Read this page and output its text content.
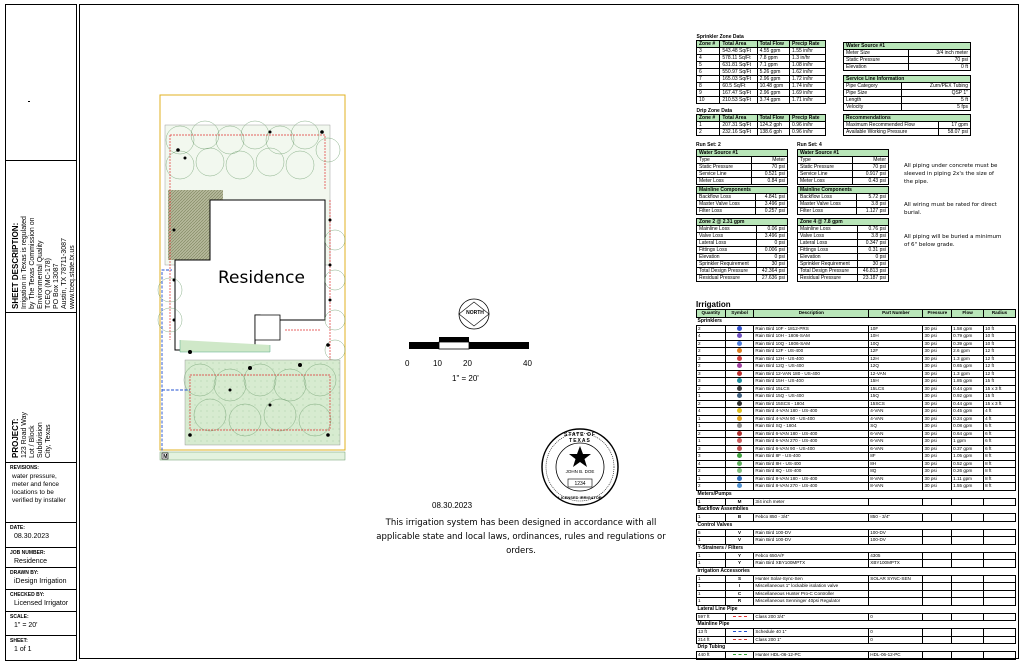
SHEET DESCRIPTION:
Irrigation in Texas is regulated
by The Texas Commission on
Environmental Quality
TCEQ (MC-178)
PO Box 13087
Austin, TX 78711-3087
www.tceq.state.tx.us
PROJECT:
123 Road Way
Lot / Block
Subdivision
City, Texas
REVISIONS:
water pressure, meter and fence locations to be verified by installer
DATE:
08.30.2023
JOB NUMBER:
Residence
DRAWN BY:
iDesign Irrigation
CHECKED BY:
Licensed Irrigator
SCALE:
1" = 20'
SHEET:
1 of 1
M
Residence
NORTH
0	10	20	40
1" = 20'
STATE OF TEXAS
JOHN B. DOE
1234
LICENSED IRRIGATOR
08.30.2023
This irrigation system has been designed in accordance with all
applicable state and local laws, ordinances, rules and regulations or orders.
Sprinkler Zone Data			
Zone #	Total Area	Total Flow	Precip Rate
3	543.48 Sq/Ft	4.55 gpm	1.55 in/hr
4	578.11 Sq/Ft	7.8 gpm	1.3 in/hr
5	631.81 Sq/Ft	7.1 gpm	1.08 in/hr
6	550.97 Sq/Ft	5.26 gpm	1.62 in/hr
7	165.03 Sq/Ft	2.96 gpm	1.72 in/hr
8	60.5 Sq/Ft	10.48 gpm	1.74 in/hr
9	167.47 Sq/Ft	2.96 gpm	1.69 in/hr
10	210.53 Sq/Ft	3.74 gpm	1.71 in/hr
Drip Zone Data			
Zone #	Total Area	Total Flow	Precip Rate
1	207.31 Sq/Ft	124.2 gph	0.96 in/hr
2	232.16 Sq/Ft	138.6 gph	0.96 in/hr
Water Source #1	
Meter Size	3/4 inch meter
Static Pressure	70 psi
Elevation	0 ft
Service Line Information	
Pipe Category	Zurn/PEX Tubing
Pipe Size	QSP 1"
Length	5 ft
Velocity	5 fps
Recommendations	
Maximum Recommended Flow	17 gpm
Available Working Pressure	58.07 psi
Run Set: 2
Water Source #1	
Type	Meter
Static Pressure	70 psi
Service Line	0.521 psi
Meter Loss	0.84 psi
Mainline Components	
Backflow Loss	4.841 psi
Master Valve Loss	3.496 psi
Filter Loss	0.257 psi
Zone 2 @ 2.31 gpm	
Mainline Loss	0.06 psi
Valve Loss	3.496 psi
Lateral Loss	0 psi
Fittings Loss	0.006 psi
Elevation	0 psi
Sprinkler Requirement	30 psi
Total Design Pressure	42.364 psi
Residual Pressure	27.636 psi
Run Set: 4
Water Source #1	
Type	Meter
Static Pressure	70 psi
Service Line	0.917 psi
Meter Loss	0.43 psi
Mainline Components	
Backflow Loss	5.72 psi
Master Valve Loss	3.8 psi
Filter Loss	1.127 psi
Zone 4 @ 7.8 gpm	
Mainline Loss	0.76 psi
Valve Loss	3.8 psi
Lateral Loss	0.347 psi
Fittings Loss	0.31 psi
Elevation	0 psi
Sprinkler Requirement	30 psi
Total Design Pressure	46.813 psi
Residual Pressure	23.187 psi
All piping under concrete must be sleeved in piping 2x's the size of the pipe.
All wiring must be rated for direct burial.
All piping will be buried a minimum of 6" below grade.
Irrigation
Quantity	Symbol	Description	Part Number	Pressure	Flow	Radius
Sprinklers						
2		Rain Bird 10F - 1812-PRS	10F	30 psi	1.58 gpm	10 ft
4		Rain Bird 10H - 1806-SAM	10H	30 psi	0.79 gpm	10 ft
2		Rain Bird 10Q - 1806-SAM	10Q	30 psi	0.39 gpm	10 ft
2		Rain Bird 12F - US-400	12F	30 psi	2.6 gpm	12 ft
3		Rain Bird 12H - US-400	12H	30 psi	1.3 gpm	12 ft
2		Rain Bird 12Q - US-400	12Q	30 psi	0.65 gpm	12 ft
3		Rain Bird 12-VAN 180 - US-400	12-VAN	30 psi	1.3 gpm	12 ft
3		Rain Bird 15H - US-400	15H	30 psi	1.85 gpm	15 ft
2		Rain Bird 15LCS	15LCS	30 psi	0.44 gpm	15 x 3 ft
1		Rain Bird 15Q - US-400	15Q	30 psi	0.92 gpm	15 ft
2		Rain Bird 15SCS - 1804	15SCS	30 psi	0.44 gpm	15 x 3 ft
4		Rain Bird 4-VAN 180 - US-400	4-VAN	30 psi	0.45 gpm	4 ft
1		Rain Bird 4-VAN 90 - US-400	4-VAN	30 psi	0.24 gpm	4 ft
1		Rain Bird SQ - 1804	SQ	30 psi	0.08 gpm	5 ft
2		Rain Bird 6-VAN 180 - US-400	6-VAN	30 psi	0.64 gpm	6 ft
1		Rain Bird 6-VAN 270 - US-400	6-VAN	30 psi	1 gpm	6 ft
3		Rain Bird 6-VAN 90 - US-400	6-VAN	30 psi	0.37 gpm	6 ft
3		Rain Bird 8F - US-400	8F	30 psi	1.05 gpm	8 ft
4		Rain Bird 8H - US-400	8H	30 psi	0.52 gpm	8 ft
2		Rain Bird 8Q - US-400	8Q	30 psi	0.26 gpm	8 ft
1		Rain Bird 8-VAN 180 - US-400	8-VAN	30 psi	1.11 gpm	8 ft
2		Rain Bird 8-VAN 270 - US-400	8-VAN	30 psi	1.55 gpm	8 ft
Meters/Pumps						
1	M	3/4 inch meter				
Backflow Assemblies						
1	B	Febco 850 - 3/4"	850 - 3/4"			
Control Valves						
5	V	Rain Bird 100-DV	100-DV			
1	V	Rain Bird 100-DV	100-DV			
Y-Strainers / Filters						
1	Y	Febco 650A/F	4305			
1	Y	Rain Bird XBY100MPTX	XBY100MPTX			
Irrigation Accessories						
1	S	Hunter Solar-Sync-Sen	SOLAR SYNC-SEN			
1	I	Miscellaneous 1" lockable isolation valve				
1	C	Miscellaneous Hunter Pro-C Controller				
1	R	Miscellaneous Senninger 40psi Regulator				
Lateral Line Pipe						
597 ft		Class 200 3/4"	0			
Mainline Pipe						
13 ft		Schedule 40 1"	0			
214 ft		Class 200 1"	0			
Drip Tubing						
440 ft		Hunter HDL-06-12-PC	HDL-06-12-PC			
